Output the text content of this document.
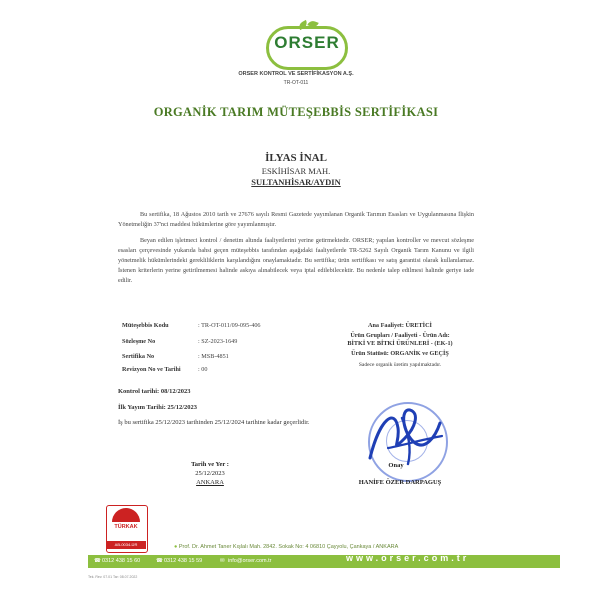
ORSER
ORSER KONTROL VE SERTİFİKASYON A.Ş.
TR-OT-011
ORGANİK TARIM MÜTEŞEBBİS SERTİFİKASI
İLYAS İNAL
ESKİHİSAR MAH.
SULTANHİSAR/AYDIN
Bu sertifika, 18 Ağustos 2010 tarih ve 27676 sayılı Resmi Gazetede yayımlanan Organik Tarımın Esasları ve Uygulanmasına İlişkin Yönetmeliğin 37'nci maddesi hükümlerine göre yayımlanmıştır.
Beyan edilen işletmeci kontrol / denetim altında faaliyetlerini yerine getirmektedir. ORSER; yapılan kontroller ve mevcut sözleşme esasları çerçevesinde yukarıda bahsi geçen müteşebbis tarafından aşağıdaki faaliyetlerde TR-5262 Sayılı Organik Tarım Kanunu ve ilgili yönetmelik hükümlerindeki gerekliliklerin karşılandığını onaylamaktadır. Bu sertifika; ürün sertifikası ve satış garantisi olarak kullanılamaz. İstenen kriterlerin yerine getirilmemesi halinde askıya alınabilecek veya iptal edilebilecektir. Bu nedenle talep edilmesi halinde geriye iade edilir.
Müteşebbis Kodu	: TR-OT-011/09-095-406
Sözleşme No	: SZ-2023-1649
Sertifika No	: MSB-4851
Revizyon No ve Tarihi	: 00
Ana Faaliyet: ÜRETİCİ
Ürün Grupları / Faaliyeti - Ürün Adı:
BİTKİ VE BİTKİ ÜRÜNLERİ - (EK-1)
Ürün Statüsü: ORGANİK ve GEÇİŞ
Sadece organik üretim yapılmaktadır.
Kontrol tarihi: 08/12/2023
İlk Yayım Tarihi: 25/12/2023
İş bu sertifika 25/12/2023 tarihinden 25/12/2024 tarihine kadar geçerlidir.
Tarih ve Yer :
25/12/2023
ANKARA
Onay
HANİFE ÖZER DARPAGUŞ
TÜRKAK
AB-0034-ÜR	● Prof. Dr. Ahmet Taner Kışlalı Mah. 2842. Sokak No: 4 06810 Çayyolu, Çankaya / ANKARA
☎ 0312 438 15 60	☎ 0312 438 15 59	✉ info@orser.com.tr	www.orser.com.tr
Tek. Rev. 07.01 Tar: 08.07.2022
